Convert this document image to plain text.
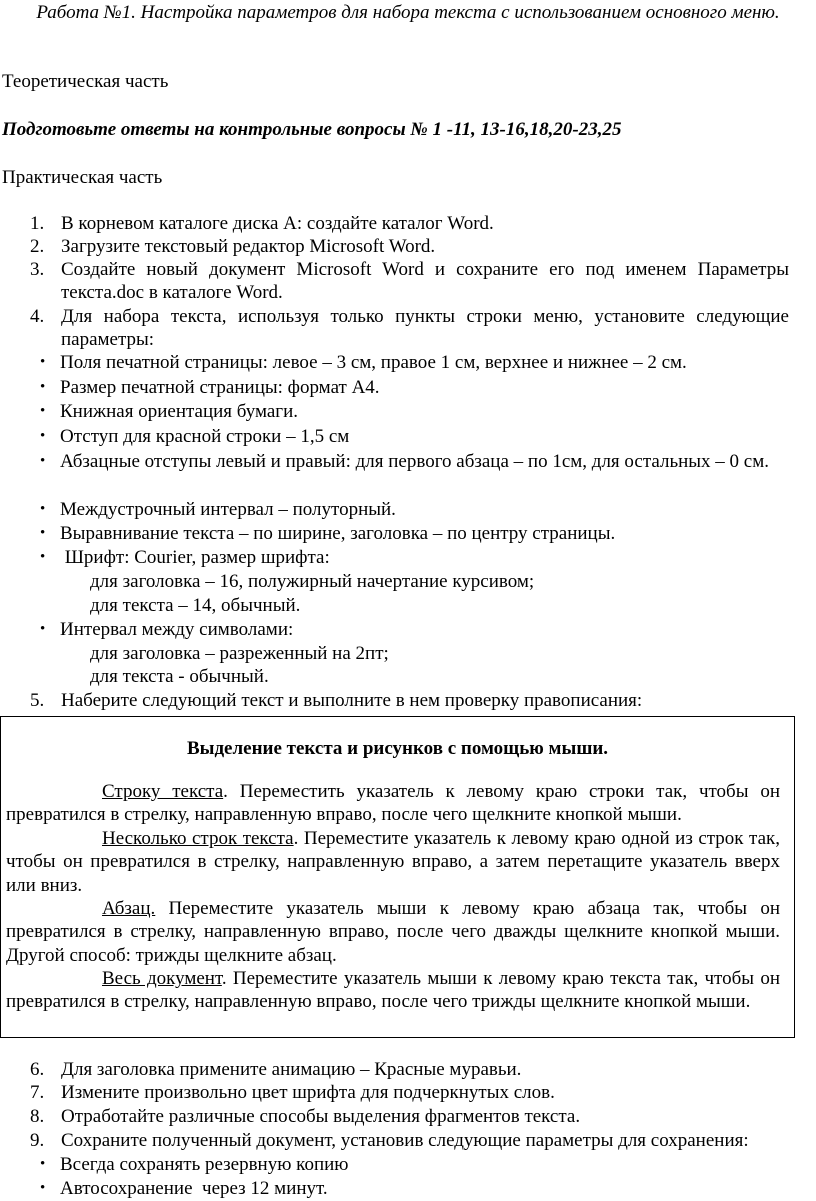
Работа №1. Настройка параметров для набора текста с использованием основного меню.
Теоретическая часть
Подготовьте ответы на контрольные вопросы № 1 -11, 13-16,18,20-23,25
Практическая часть
1. В корневом каталоге диска А: создайте каталог Word.
2. Загрузите текстовый редактор Microsoft Word.
3. Создайте новый документ Microsoft Word и сохраните его под именем Параметры текста.doc в каталоге Word.
4. Для набора текста, используя только пункты строки меню, установите следующие параметры:
• Поля печатной страницы: левое – 3 см, правое 1 см, верхнее и нижнее – 2 см.
• Размер печатной страницы: формат А4.
• Книжная ориентация бумаги.
• Отступ для красной строки – 1,5 см
• Абзацные отступы левый и правый: для первого абзаца – по 1см, для остальных – 0 см.
• Междустрочный интервал – полуторный.
• Выравнивание текста – по ширине, заголовка – по центру страницы.
• Шрифт: Courier, размер шрифта:
для заголовка – 16, полужирный начертание курсивом;
для текста – 14, обычный.
• Интервал между символами:
для заголовка – разреженный на 2пт;
для текста - обычный.
5. Наберите следующий текст и выполните в нем проверку правописания:
Выделение текста и рисунков с помощью мыши.
Строку текста. Переместить указатель к левому краю строки так, чтобы он превратился в стрелку, направленную вправо, после чего щелкните кнопкой мыши.
Несколько строк текста. Переместите указатель к левому краю одной из строк так, чтобы он превратился в стрелку, направленную вправо, а затем перетащите указатель вверх или вниз.
Абзац. Переместите указатель мыши к левому краю абзаца так, чтобы он превратился в стрелку, направленную вправо, после чего дважды щелкните кнопкой мыши. Другой способ: трижды щелкните абзац.
Весь документ. Переместите указатель мыши к левому краю текста так, чтобы он превратился в стрелку, направленную вправо, после чего трижды щелкните кнопкой мыши.
6. Для заголовка примените анимацию – Красные муравьи.
7. Измените произвольно цвет шрифта для подчеркнутых слов.
8. Отработайте различные способы выделения фрагментов текста.
9. Сохраните полученный документ, установив следующие параметры для сохранения:
• Всегда сохранять резервную копию
• Автосохранение  через 12 минут.
